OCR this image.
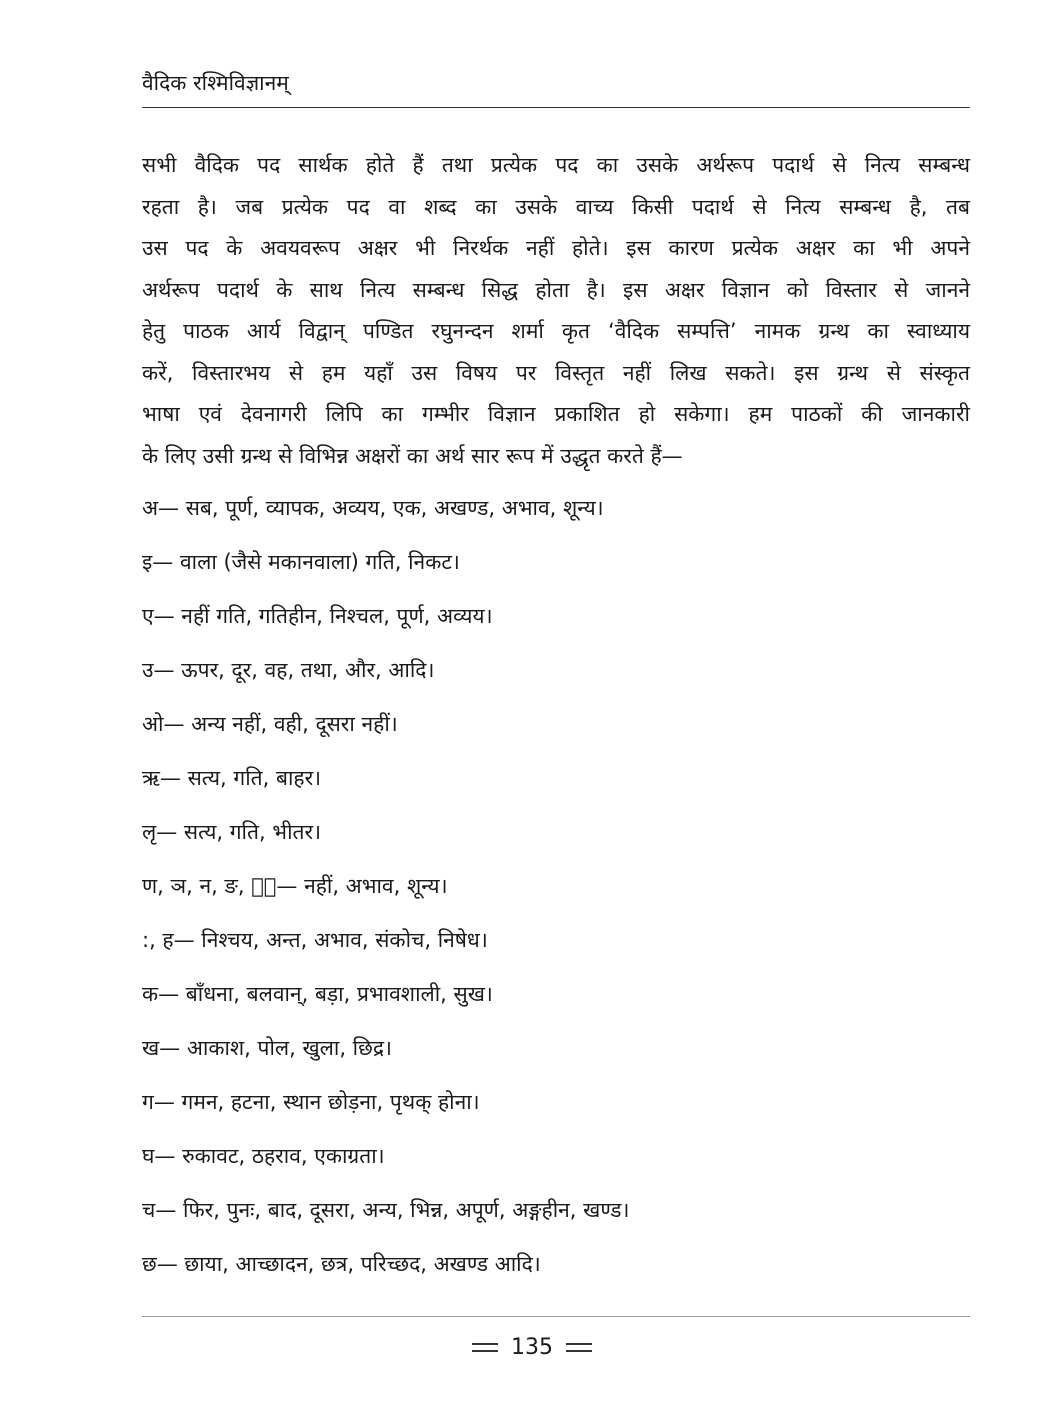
वैदिक रश्मिविज्ञानम्

सभी वैदिक पद सार्थक होते हैं तथा प्रत्येक पद का उसके अर्थरूप पदार्थ से नित्य सम्बन्ध
रहता है। जब प्रत्येक पद वा शब्द का उसके वाच्य किसी पदार्थ से नित्य सम्बन्ध है, तब
उस पद के अवयवरूप अक्षर भी निरर्थक नहीं होते। इस कारण प्रत्येक अक्षर का भी अपने
अर्थरूप पदार्थ के साथ नित्य सम्बन्ध सिद्ध होता है। इस अक्षर विज्ञान को विस्तार से जानने
हेतु पाठक आर्य विद्वान् पण्डित रघुनन्दन शर्मा कृत ‘वैदिक सम्पत्ति’ नामक ग्रन्थ का स्वाध्याय
करें, विस्तारभय से हम यहाँ उस विषय पर विस्तृत नहीं लिख सकते। इस ग्रन्थ से संस्कृत
भाषा एवं देवनागरी लिपि का गम्भीर विज्ञान प्रकाशित हो सकेगा। हम पाठकों की जानकारी
के लिए उसी ग्रन्थ से विभिन्न अक्षरों का अर्थ सार रूप में उद्धृत करते हैं—

अ— सब, पूर्ण, व्यापक, अव्यय, एक, अखण्ड, अभाव, शून्य।
इ— वाला (जैसे मकानवाला) गति, निकट।
ए— नहीं गति, गतिहीन, निश्चल, पूर्ण, अव्यय।
उ— ऊपर, दूर, वह, तथा, और, आदि।
ओ— अन्य नहीं, वही, दूसरा नहीं।
ऋ— सत्य, गति, बाहर।
लृ— सत्य, गति, भीतर।
ण, ञ, न, ङ, ᳲं— नहीं, अभाव, शून्य।
:, ह— निश्चय, अन्त, अभाव, संकोच, निषेध।
क— बाँधना, बलवान्, बड़ा, प्रभावशाली, सुख।
ख— आकाश, पोल, खुला, छिद्र।
ग— गमन, हटना, स्थान छोड़ना, पृथक् होना।
घ— रुकावट, ठहराव, एकाग्रता।
च— फिर, पुनः, बाद, दूसरा, अन्य, भिन्न, अपूर्ण, अङ्गहीन, खण्ड।
छ— छाया, आच्छादन, छत्र, परिच्छद, अखण्ड आदि।
135
